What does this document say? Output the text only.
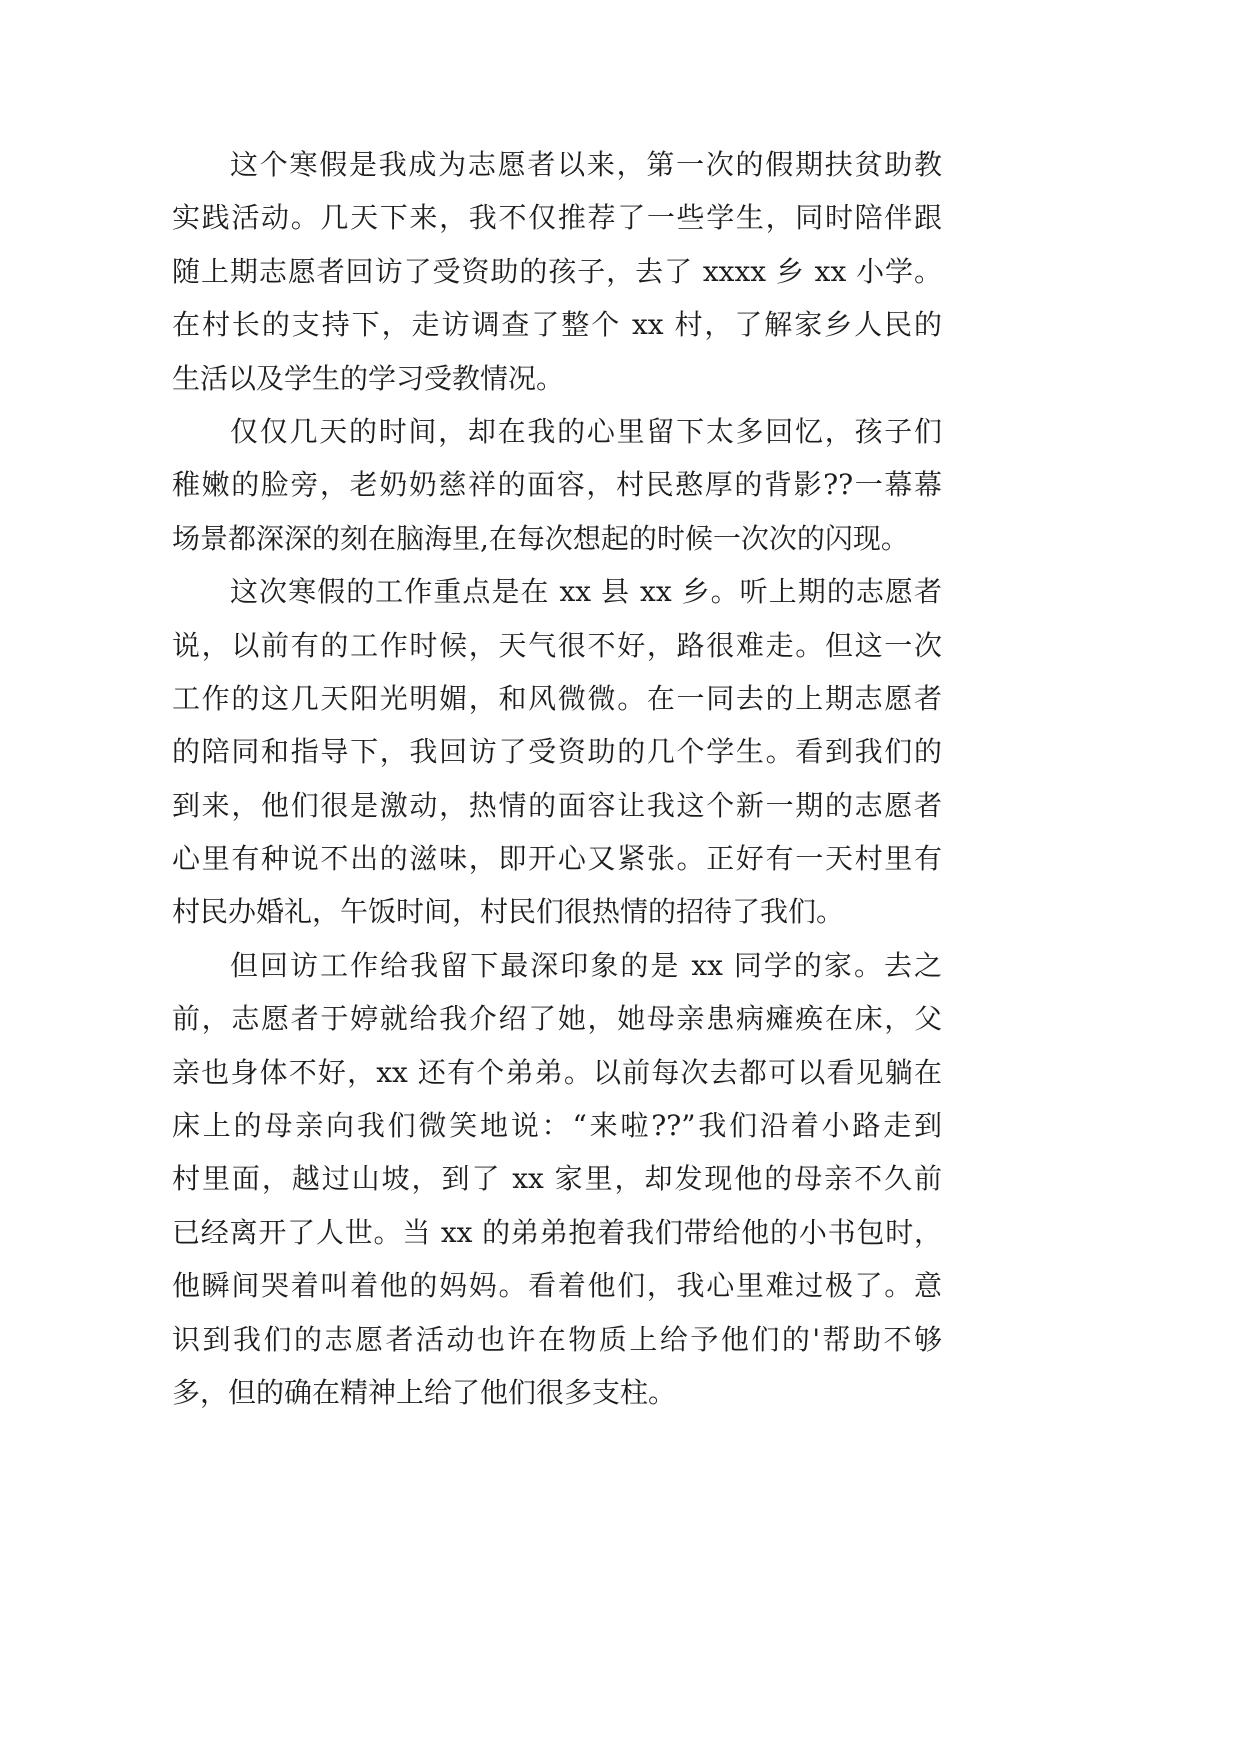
这个寒假是我成为志愿者以来，第一次的假期扶贫助教
实践活动。几天下来，我不仅推荐了一些学生，同时陪伴跟
随上期志愿者回访了受资助的孩子，去了 xxxx 乡 xx 小学。
在村长的支持下，走访调查了整个 xx 村，了解家乡人民的
生活以及学生的学习受教情况。
仅仅几天的时间，却在我的心里留下太多回忆，孩子们
稚嫩的脸旁，老奶奶慈祥的面容，村民憨厚的背影??一幕幕
场景都深深的刻在脑海里,在每次想起的时候一次次的闪现。
这次寒假的工作重点是在 xx 县 xx 乡。听上期的志愿者
说，以前有的工作时候，天气很不好，路很难走。但这一次
工作的这几天阳光明媚，和风微微。在一同去的上期志愿者
的陪同和指导下，我回访了受资助的几个学生。看到我们的
到来，他们很是激动，热情的面容让我这个新一期的志愿者
心里有种说不出的滋味，即开心又紧张。正好有一天村里有
村民办婚礼，午饭时间，村民们很热情的招待了我们。
但回访工作给我留下最深印象的是 xx 同学的家。去之
前，志愿者于婷就给我介绍了她，她母亲患病瘫痪在床，父
亲也身体不好，xx 还有个弟弟。以前每次去都可以看见躺在
床上的母亲向我们微笑地说：“来啦??”我们沿着小路走到
村里面，越过山坡，到了 xx 家里，却发现他的母亲不久前
已经离开了人世。当 xx 的弟弟抱着我们带给他的小书包时，
他瞬间哭着叫着他的妈妈。看着他们，我心里难过极了。意
识到我们的志愿者活动也许在物质上给予他们的'帮助不够
多，但的确在精神上给了他们很多支柱。
